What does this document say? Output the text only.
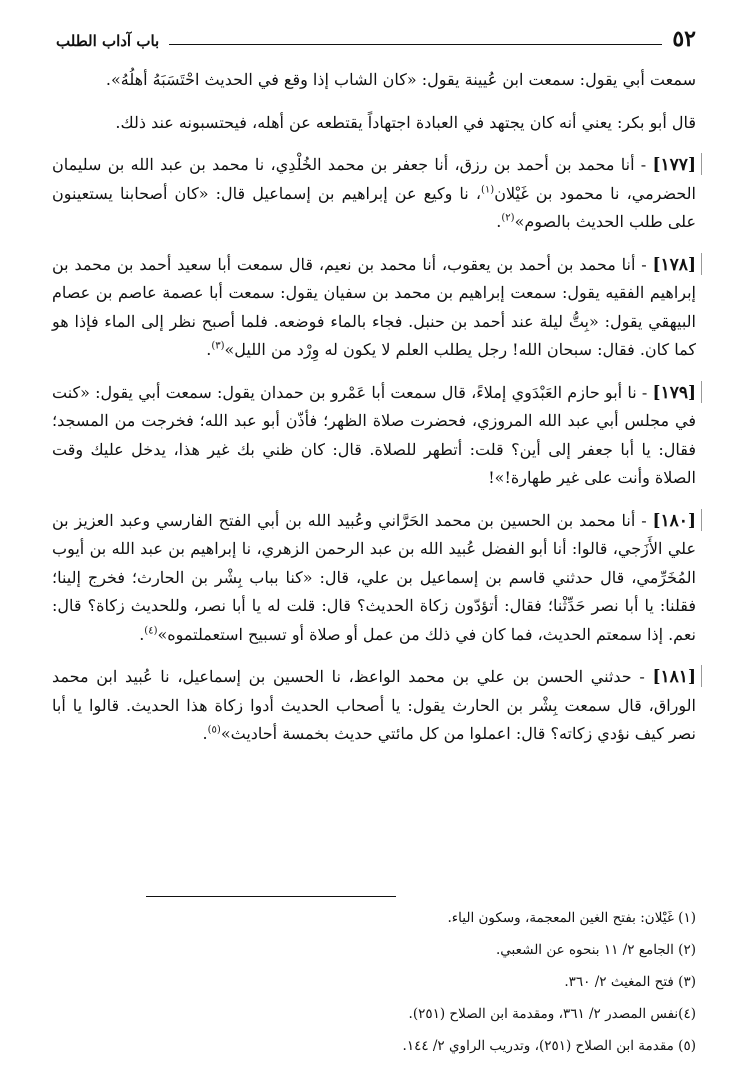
٥٢
باب آداب الطلب

سمعت أبي يقول: سمعت ابن عُيينة يقول: «كان الشاب إذا وقع في الحديث احْتَسَبَهُ أهلُهُ».

قال أبو بكر: يعني أنه كان يجتهد في العبادة اجتهاداً يقتطعه عن أهله، فيحتسبونه عند ذلك.

[١٧٧] - أنا محمد بن أحمد بن رزق، أنا جعفر بن محمد الخُلْدِي، نا محمد بن عبد الله بن سليمان الحضرمي، نا محمود بن غَيْلان$^{(١)}$، نا وكيع عن إبراهيم بن إسماعيل قال: «كان أصحابنا يستعينون على طلب الحديث بالصوم»$^{(٢)}$.

[١٧٨] - أنا محمد بن أحمد بن يعقوب، أنا محمد بن نعيم، قال سمعت أبا سعيد أحمد بن محمد بن إبراهيم الفقيه يقول: سمعت إبراهيم بن محمد بن سفيان يقول: سمعت أبا عصمة عاصم بن عصام البيهقي يقول: «بِتُّ ليلة عند أحمد بن حنبل. فجاء بالماء فوضعه. فلما أصبح نظر إلى الماء فإذا هو كما كان. فقال: سبحان الله! رجل يطلب العلم لا يكون له وِرْد من الليل»$^{(٣)}$.

[١٧٩] - نا أبو حازم العَبْدَوي إملاءً، قال سمعت أبا عَمْرو بن حمدان يقول: سمعت أبي يقول: «كنت في مجلس أبي عبد الله المروزي، فحضرت صلاة الظهر؛ فأذّن أبو عبد الله؛ فخرجت من المسجد؛ فقال: يا أبا جعفر إلى أين؟ قلت: أتطهر للصلاة. قال: كان ظني بك غير هذا، يدخل عليك وقت الصلاة وأنت على غير طهارة!»!

[١٨٠] - أنا محمد بن الحسين بن محمد الحَرَّاني وعُبيد الله بن أبي الفتح الفارسي وعبد العزيز بن علي الأَزَجي، قالوا: أنا أبو الفضل عُبيد الله بن عبد الرحمن الزهري، نا إبراهيم بن عبد الله بن أيوب المُخَرِّمي، قال حدثني قاسم بن إسماعيل بن علي، قال: «كنا بباب بِشْر بن الحارث؛ فخرج إلينا؛ فقلنا: يا أبا نصر حَدِّثْنا؛ فقال: أتؤدّون زكاة الحديث؟ قال: قلت له يا أبا نصر، وللحديث زكاة؟ قال: نعم. إذا سمعتم الحديث، فما كان في ذلك من عمل أو صلاة أو تسبيح استعملتموه»$^{(٤)}$.

[١٨١] - حدثني الحسن بن علي بن محمد الواعظ، نا الحسين بن إسماعيل، نا عُبيد ابن محمد الوراق، قال سمعت بِشْر بن الحارث يقول: يا أصحاب الحديث أدوا زكاة هذا الحديث. قالوا يا أبا نصر كيف نؤدي زكاته؟ قال: اعملوا من كل مائتي حديث بخمسة أحاديث»$^{(٥)}$.

(١) غَيْلان: بفتح الغين المعجمة، وسكون الياء.

(٢) الجامع ٢/ ١١ بنحوه عن الشعبي.

(٣) فتح المغيث ٢/ ٣٦٠.

(٤)نفس المصدر ٢/ ٣٦١، ومقدمة ابن الصلاح (٢٥١).

(٥) مقدمة ابن الصلاح (٢٥١)، وتدريب الراوي ٢/ ١٤٤.
